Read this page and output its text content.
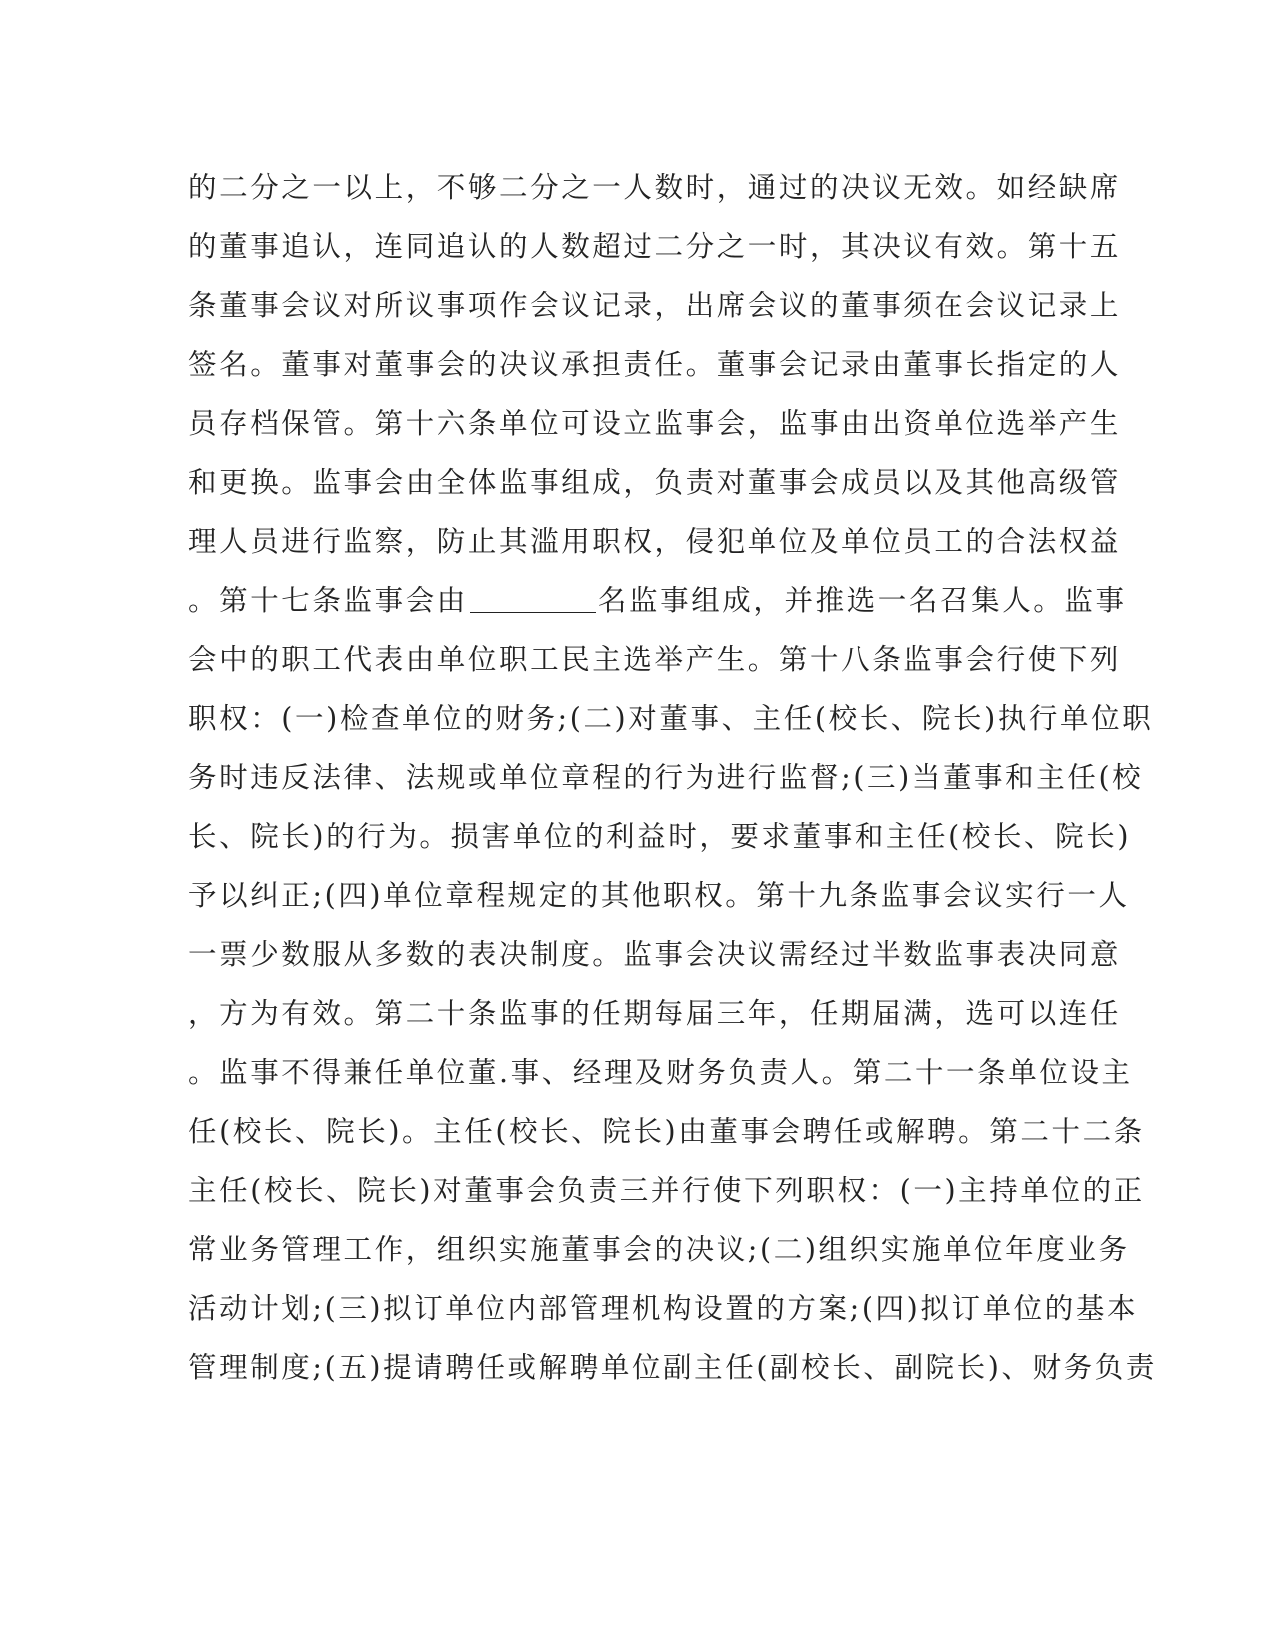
的二分之一以上，不够二分之一人数时，通过的决议无效。如经缺席
的董事追认，连同追认的人数超过二分之一时，其决议有效。第十五
条董事会议对所议事项作会议记录，出席会议的董事须在会议记录上
签名。董事对董事会的决议承担责任。董事会记录由董事长指定的人
员存档保管。第十六条单位可设立监事会，监事由出资单位选举产生
和更换。监事会由全体监事组成，负责对董事会成员以及其他高级管
理人员进行监察，防止其滥用职权，侵犯单位及单位员工的合法权益
。第十七条监事会由	名监事组成，并推选一名召集人。监事
会中的职工代表由单位职工民主选举产生。第十八条监事会行使下列
职权：(一)检查单位的财务;(二)对董事、主任(校长、院长)执行单位职
务时违反法律、法规或单位章程的行为进行监督;(三)当董事和主任(校
长、院长)的行为。损害单位的利益时，要求董事和主任(校长、院长)
予以纠正;(四)单位章程规定的其他职权。第十九条监事会议实行一人
一票少数服从多数的表决制度。监事会决议需经过半数监事表决同意
，方为有效。第二十条监事的任期每届三年，任期届满，选可以连任
。监事不得兼任单位董.事、经理及财务负责人。第二十一条单位设主
任(校长、院长)。主任(校长、院长)由董事会聘任或解聘。第二十二条
主任(校长、院长)对董事会负责三并行使下列职权：(一)主持单位的正
常业务管理工作，组织实施董事会的决议;(二)组织实施单位年度业务
活动计划;(三)拟订单位内部管理机构设置的方案;(四)拟订单位的基本
管理制度;(五)提请聘任或解聘单位副主任(副校长、副院长)、财务负责
